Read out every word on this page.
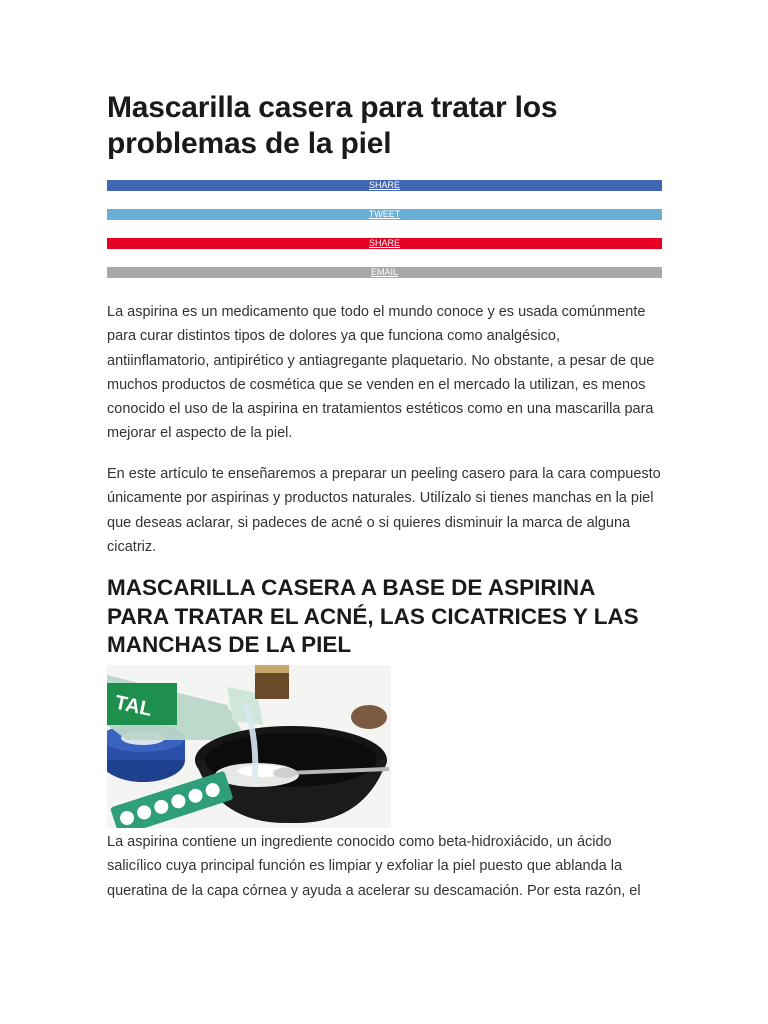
Mascarilla casera para tratar los problemas de la piel
SHARE
TWEET
SHARE
EMAIL

La aspirina es un medicamento que todo el mundo conoce y es usada comúnmente para curar distintos tipos de dolores ya que funciona como analgésico, antiinflamatorio, antipirético y antiagregante plaquetario. No obstante, a pesar de que muchos productos de cosmética que se venden en el mercado la utilizan, es menos conocido el uso de la aspirina en tratamientos estéticos como en una mascarilla para mejorar el aspecto de la piel.

En este artículo te enseñaremos a preparar un peeling casero para la cara compuesto únicamente por aspirinas y productos naturales. Utilízalo si tienes manchas en la piel que deseas aclarar, si padeces de acné o si quieres disminuir la marca de alguna cicatriz.

MASCARILLA CASERA A BASE DE ASPIRINA PARA TRATAR EL ACNÉ, LAS CICATRICES Y LAS MANCHAS DE LA PIEL
TAL

La aspirina contiene un ingrediente conocido como beta-hidroxiácido, un ácido salicílico cuya principal función es limpiar y exfoliar la piel puesto que ablanda la queratina de la capa córnea y ayuda a acelerar su descamación. Por esta razón, el
